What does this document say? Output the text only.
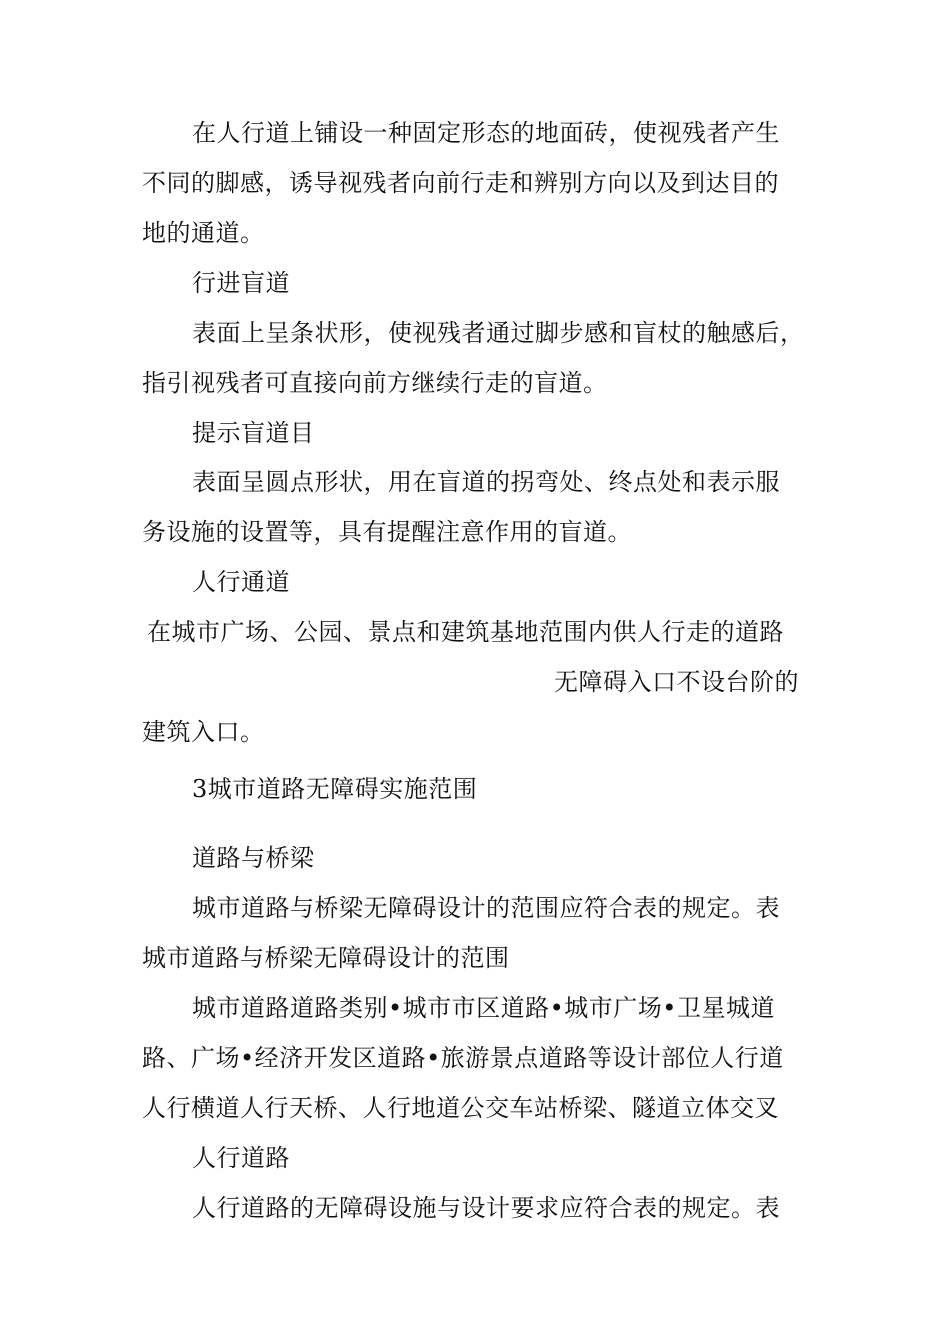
在人行道上铺设一种固定形态的地面砖，使视残者产生
不同的脚感，诱导视残者向前行走和辨别方向以及到达目的
地的通道。
行进盲道
表面上呈条状形，使视残者通过脚步感和盲杖的触感后，
指引视残者可直接向前方继续行走的盲道。
提示盲道目
表面呈圆点形状，用在盲道的拐弯处、终点处和表示服
务设施的设置等，具有提醒注意作用的盲道。
人行通道
在城市广场、公园、景点和建筑基地范围内供人行走的道路
无障碍入口不设台阶的
建筑入口。
3城市道路无障碍实施范围
道路与桥梁
城市道路与桥梁无障碍设计的范围应符合表的规定。表
城市道路与桥梁无障碍设计的范围
城市道路道路类别•城市市区道路•城市广场•卫星城道
路、广场•经济开发区道路•旅游景点道路等设计部位人行道
人行横道人行天桥、人行地道公交车站桥梁、隧道立体交叉
人行道路
人行道路的无障碍设施与设计要求应符合表的规定。表
